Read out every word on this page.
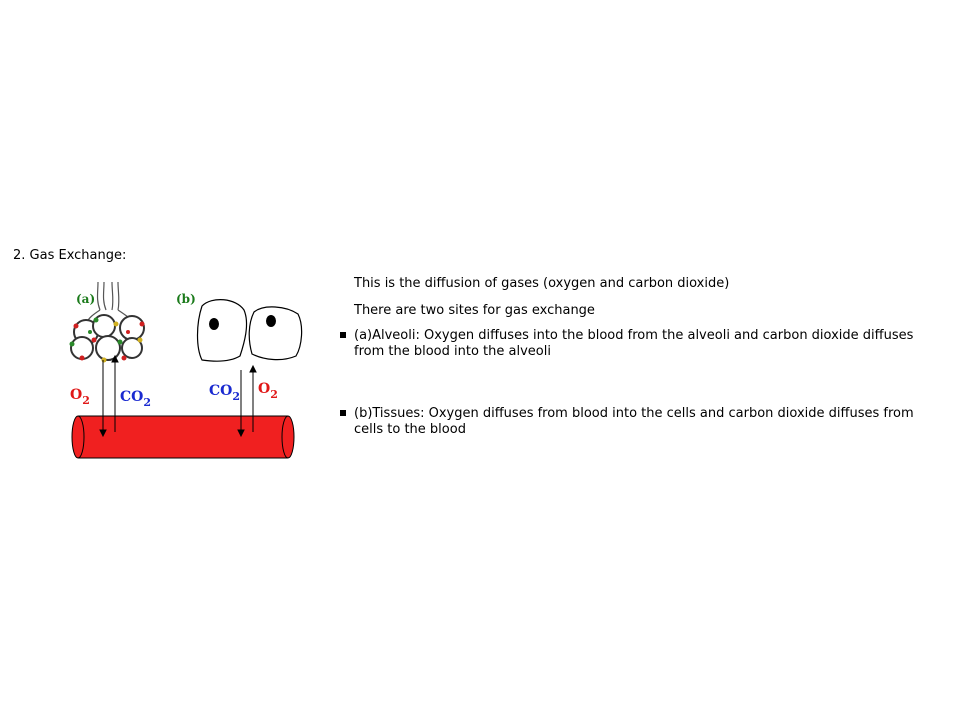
2. Gas Exchange:
(a)	(b)
$O_2$ $CO_2$
$CO_2$ $O_2$

This is the diffusion of gases (oxygen and carbon dioxide)

There are two sites for gas exchange

(a)Alveoli: Oxygen diffuses into the blood from the alveoli and carbon dioxide diffuses from the blood into the alveoli
(b)Tissues: Oxygen diffuses from blood into the cells and carbon dioxide diffuses from cells to the blood
